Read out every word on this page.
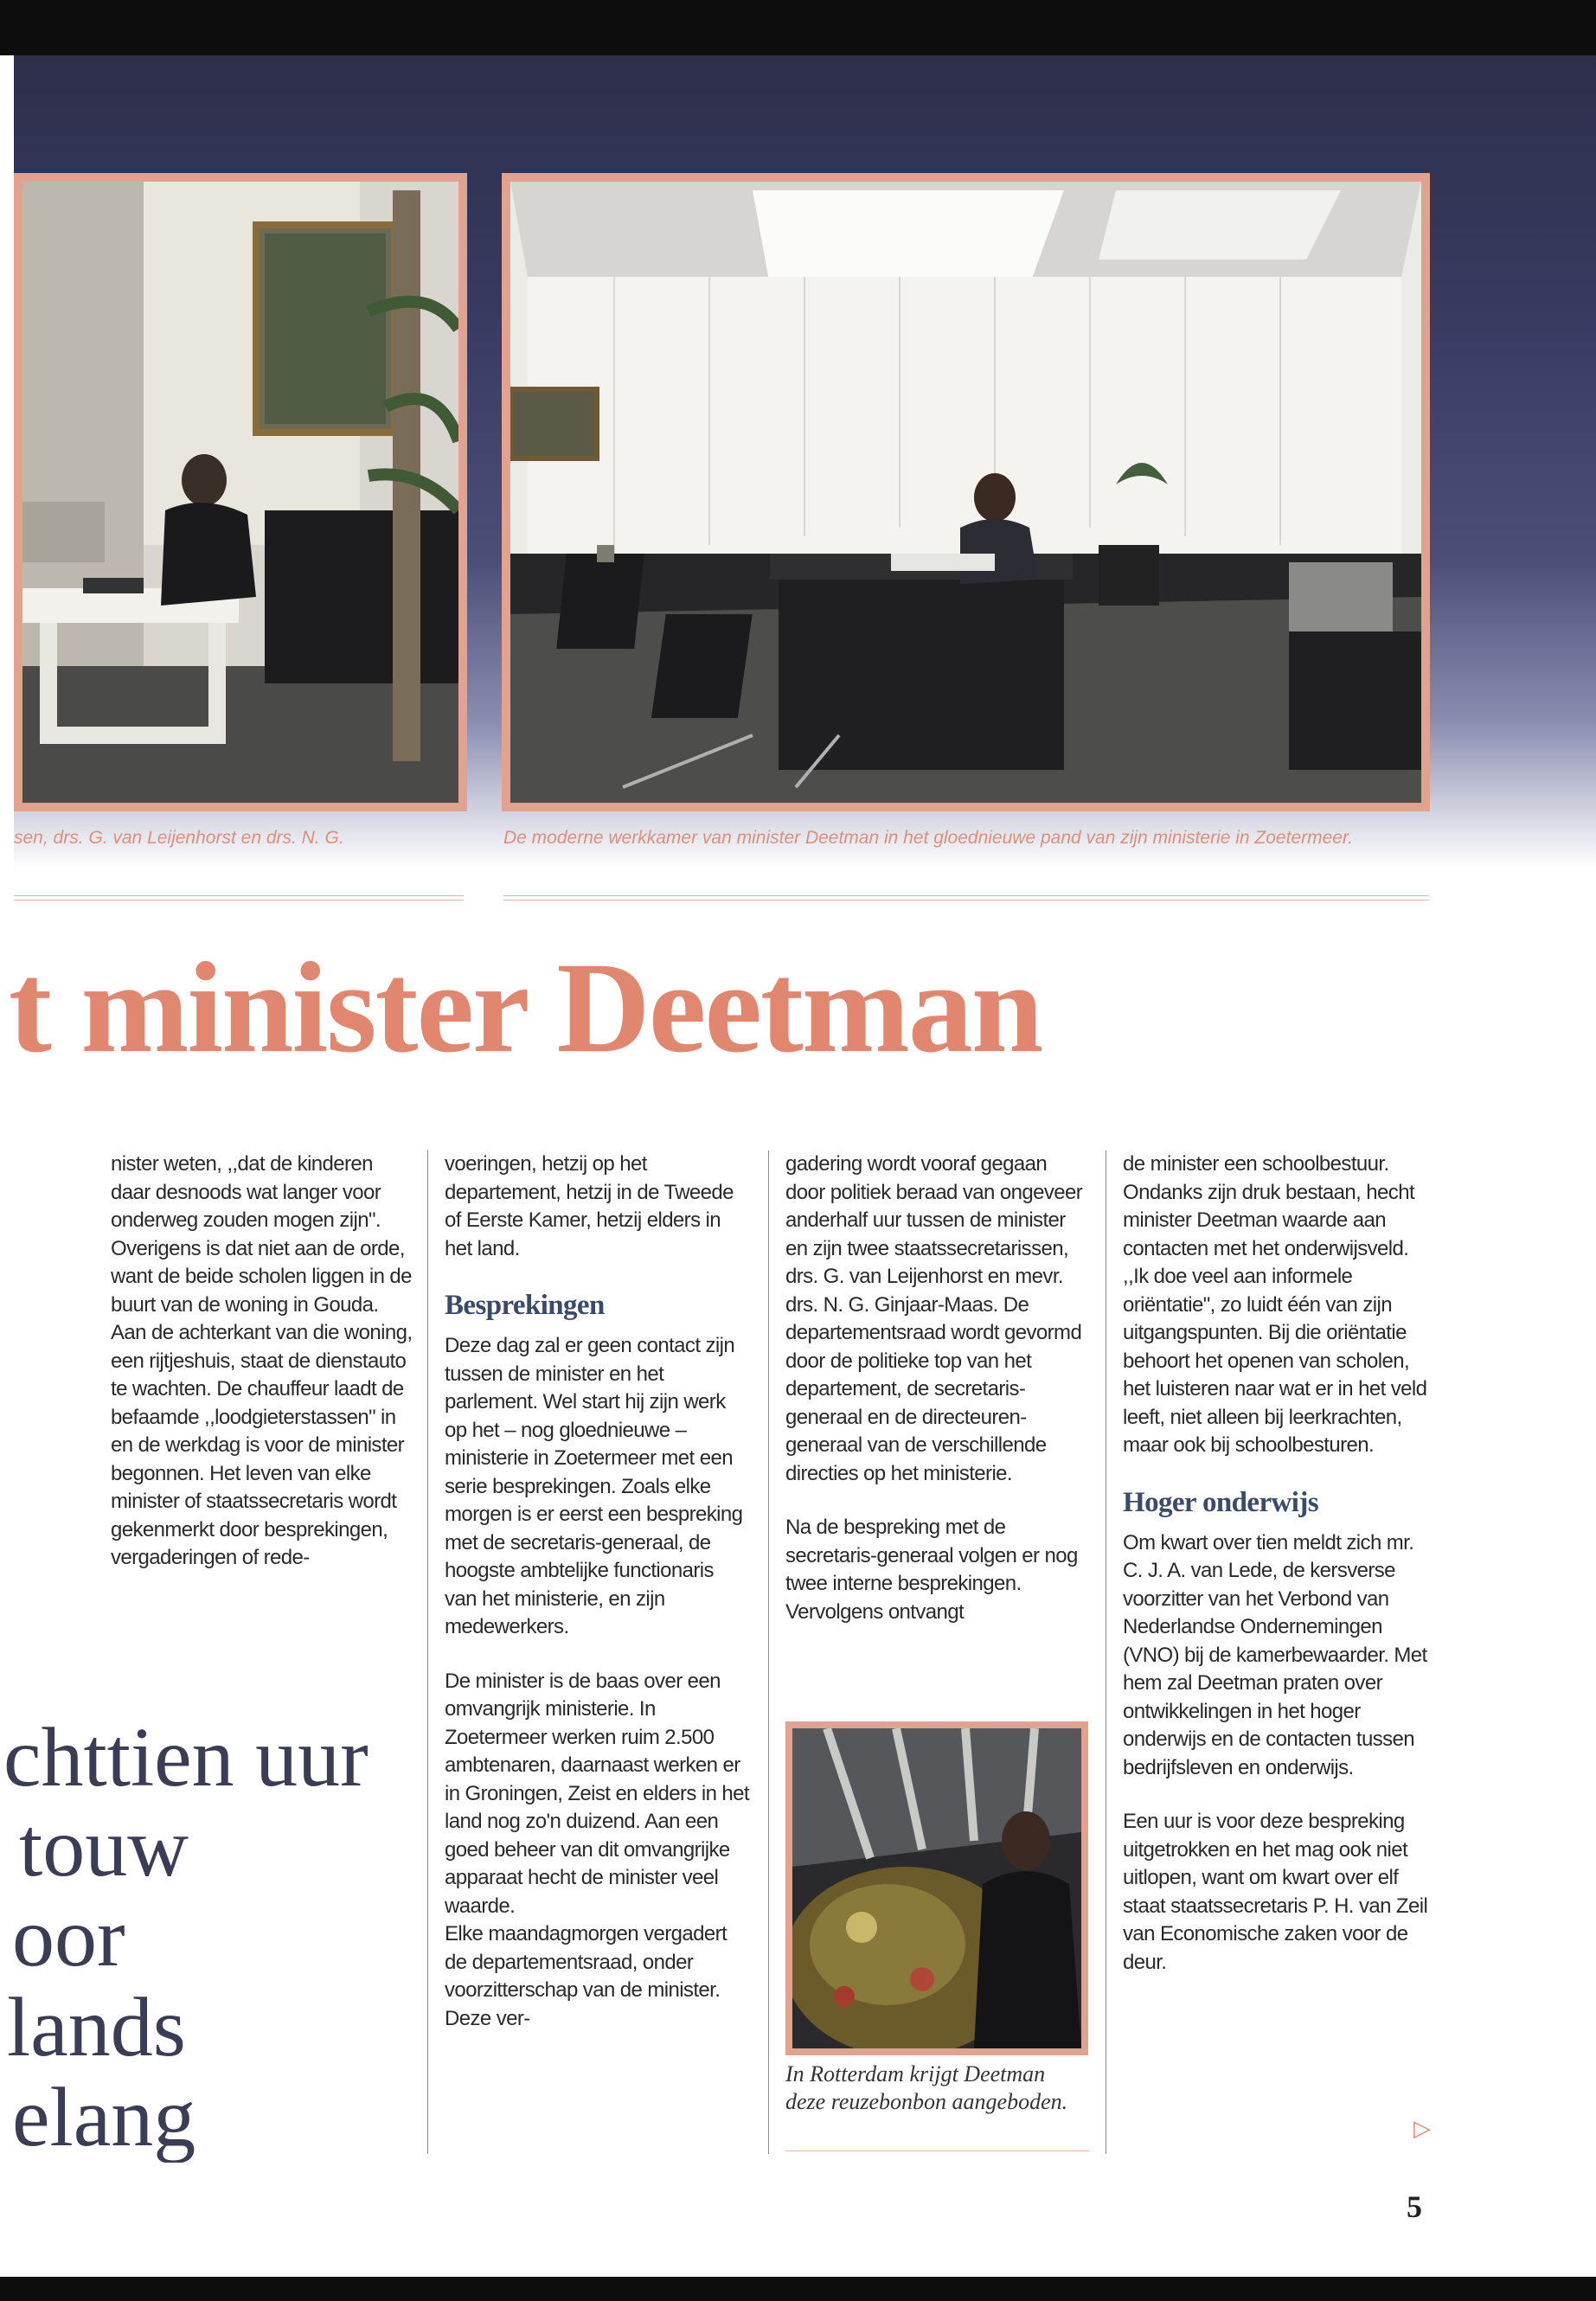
sen, drs. G. van Leijenhorst en drs. N. G.	De moderne werkkamer van minister Deetman in het gloednieuwe pand van zijn ministerie in Zoetermeer.
t minister Deetman
chttien uur
touw
oor
lands
elang

nister weten, ,,dat de kinderen daar desnoods wat langer voor onderweg zouden mogen zijn". Overigens is dat niet aan de orde, want de beide scholen liggen in de buurt van de woning in Gouda. Aan de achterkant van die woning, een rijtjeshuis, staat de dienstauto te wachten. De chauffeur laadt de befaamde ,,loodgieterstassen" in en de werkdag is voor de minister begonnen. Het leven van elke minister of staatssecretaris wordt gekenmerkt door besprekingen, vergaderingen of rede-

voeringen, hetzij op het departement, hetzij in de Tweede of Eerste Kamer, hetzij elders in het land.

Besprekingen

Deze dag zal er geen contact zijn tussen de minister en het parlement. Wel start hij zijn werk op het – nog gloednieuwe – ministerie in Zoetermeer met een serie besprekingen. Zoals elke morgen is er eerst een bespreking met de secretaris-generaal, de hoogste ambtelijke functionaris van het ministerie, en zijn medewerkers.

De minister is de baas over een omvangrijk ministerie. In Zoetermeer werken ruim 2.500 ambtenaren, daarnaast werken er in Groningen, Zeist en elders in het land nog zo'n duizend. Aan een goed beheer van dit omvangrijke apparaat hecht de minister veel waarde.

Elke maandagmorgen vergadert de departementsraad, onder voorzitterschap van de minister. Deze ver-

gadering wordt vooraf gegaan door politiek beraad van ongeveer anderhalf uur tussen de minister en zijn twee staatssecretarissen, drs. G. van Leijenhorst en mevr. drs. N. G. Ginjaar-Maas. De departementsraad wordt gevormd door de politieke top van het departement, de secretaris-generaal en de directeuren-generaal van de verschillende directies op het ministerie.

Na de bespreking met de secretaris-generaal volgen er nog twee interne besprekingen. Vervolgens ontvangt

In Rotterdam krijgt Deetman deze reuzebonbon aangeboden.

de minister een schoolbestuur. Ondanks zijn druk bestaan, hecht minister Deetman waarde aan contacten met het onderwijsveld. ,,Ik doe veel aan informele oriëntatie", zo luidt één van zijn uitgangspunten. Bij die oriëntatie behoort het openen van scholen, het luisteren naar wat er in het veld leeft, niet alleen bij leerkrachten, maar ook bij schoolbesturen.

Hoger onderwijs

Om kwart over tien meldt zich mr. C. J. A. van Lede, de kersverse voorzitter van het Verbond van Nederlandse Ondernemingen (VNO) bij de kamerbewaarder. Met hem zal Deetman praten over ontwikkelingen in het hoger onderwijs en de contacten tussen bedrijfsleven en onderwijs.

Een uur is voor deze bespreking uitgetrokken en het mag ook niet uitlopen, want om kwart over elf staat staatssecretaris P. H. van Zeil van Economische zaken voor de deur.

▷
5
